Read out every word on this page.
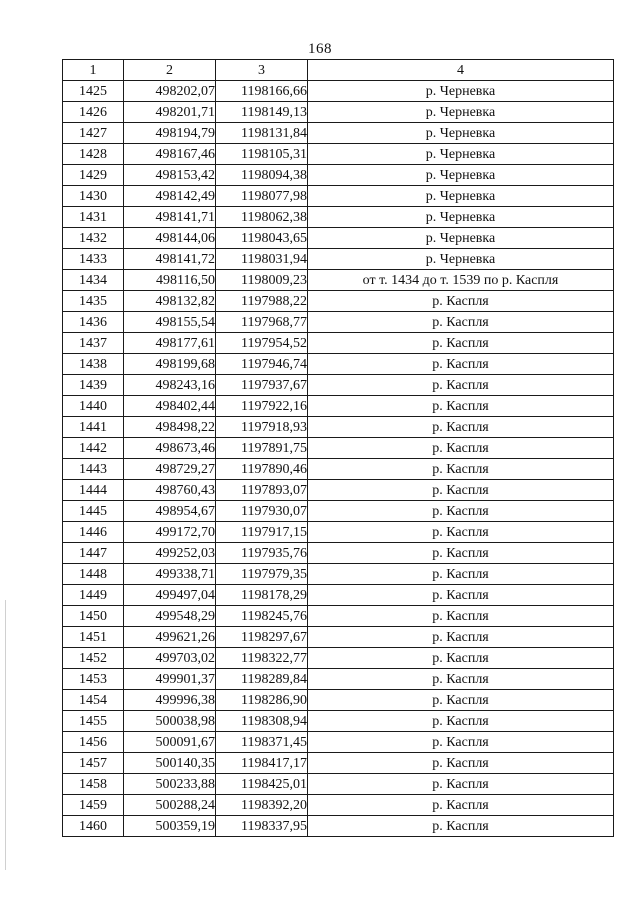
168
1	2	3	4
1425	498202,07	1198166,66	р. Черневка
1426	498201,71	1198149,13	р. Черневка
1427	498194,79	1198131,84	р. Черневка
1428	498167,46	1198105,31	р. Черневка
1429	498153,42	1198094,38	р. Черневка
1430	498142,49	1198077,98	р. Черневка
1431	498141,71	1198062,38	р. Черневка
1432	498144,06	1198043,65	р. Черневка
1433	498141,72	1198031,94	р. Черневка
1434	498116,50	1198009,23	от т. 1434 до т. 1539 по р. Каспля
1435	498132,82	1197988,22	р. Каспля
1436	498155,54	1197968,77	р. Каспля
1437	498177,61	1197954,52	р. Каспля
1438	498199,68	1197946,74	р. Каспля
1439	498243,16	1197937,67	р. Каспля
1440	498402,44	1197922,16	р. Каспля
1441	498498,22	1197918,93	р. Каспля
1442	498673,46	1197891,75	р. Каспля
1443	498729,27	1197890,46	р. Каспля
1444	498760,43	1197893,07	р. Каспля
1445	498954,67	1197930,07	р. Каспля
1446	499172,70	1197917,15	р. Каспля
1447	499252,03	1197935,76	р. Каспля
1448	499338,71	1197979,35	р. Каспля
1449	499497,04	1198178,29	р. Каспля
1450	499548,29	1198245,76	р. Каспля
1451	499621,26	1198297,67	р. Каспля
1452	499703,02	1198322,77	р. Каспля
1453	499901,37	1198289,84	р. Каспля
1454	499996,38	1198286,90	р. Каспля
1455	500038,98	1198308,94	р. Каспля
1456	500091,67	1198371,45	р. Каспля
1457	500140,35	1198417,17	р. Каспля
1458	500233,88	1198425,01	р. Каспля
1459	500288,24	1198392,20	р. Каспля
1460	500359,19	1198337,95	р. Каспля
